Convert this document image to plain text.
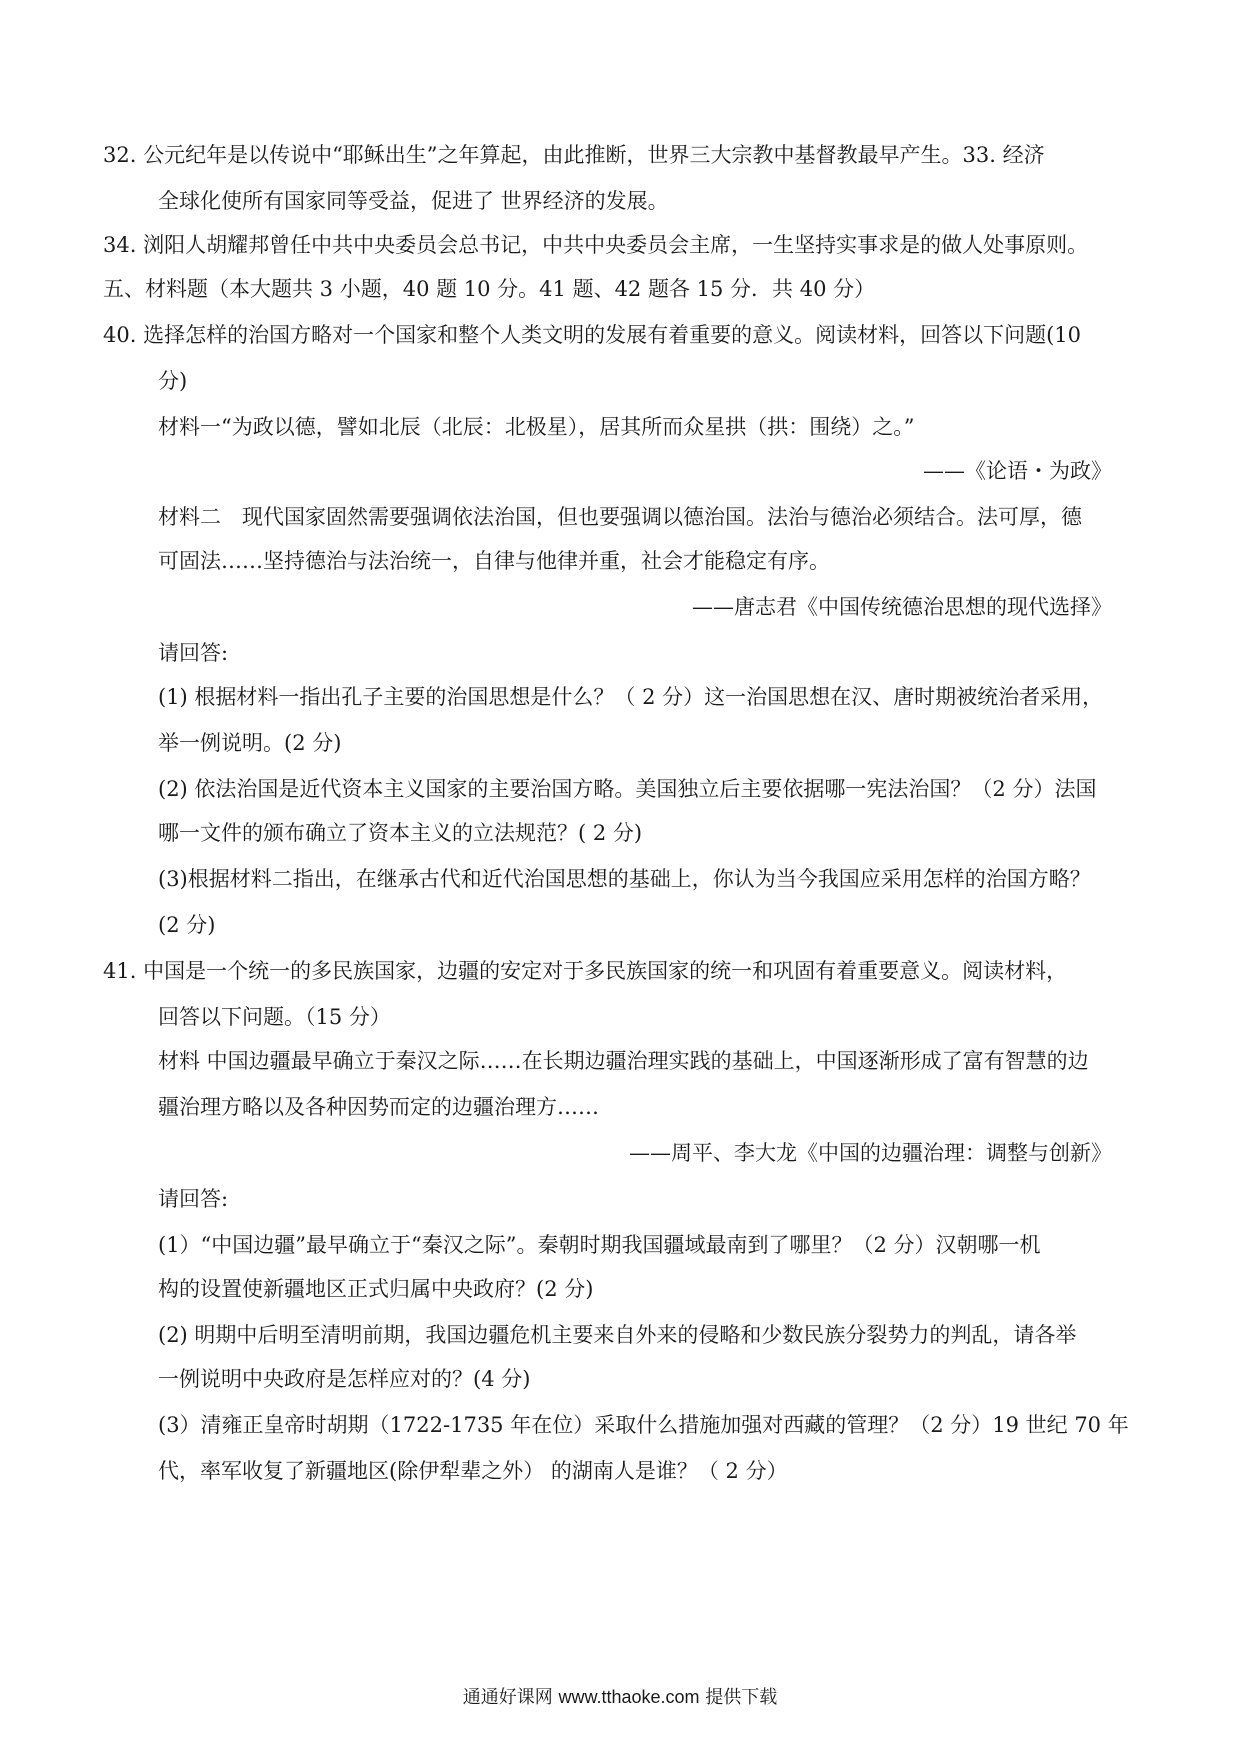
32. 公元纪年是以传说中“耶稣出生”之年算起，由此推断，世界三大宗教中基督教最早产生。33. 经济
全球化使所有国家同等受益，促进了 世界经济的发展。
34. 浏阳人胡耀邦曾任中共中央委员会总书记，中共中央委员会主席，一生坚持实事求是的做人处事原则。
五、材料题（本大题共 3 小题，40 题 10 分。41 题、42 题各 15 分．共 40 分）
40. 选择怎样的治国方略对一个国家和整个人类文明的发展有着重要的意义。阅读材料，回答以下问题(10
分)
材料一“为政以德，譬如北辰（北辰：北极星），居其所而众星拱（拱：围绕）之。”
——《论语・为政》
材料二　现代国家固然需要强调依法治国，但也要强调以德治国。法治与德治必须结合。法可厚，德
可固法……坚持德治与法治统一，自律与他律并重，社会才能稳定有序。
——唐志君《中国传统德治思想的现代选择》
请回答:
(1) 根据材料一指出孔子主要的治国思想是什么？（ 2 分）这一治国思想在汉、唐时期被统治者采用，
举一例说明。(2 分)
(2) 依法治国是近代资本主义国家的主要治国方略。美国独立后主要依据哪一宪法治国？（2 分）法国
哪一文件的颁布确立了资本主义的立法规范？( 2 分)
(3)根据材料二指出，在继承古代和近代治国思想的基础上，你认为当今我国应采用怎样的治国方略？
(2 分)
41. 中国是一个统一的多民族国家，边疆的安定对于多民族国家的统一和巩固有着重要意义。阅读材料，
回答以下问题。（15 分）
材料 中国边疆最早确立于秦汉之际……在长期边疆治理实践的基础上，中国逐渐形成了富有智慧的边
疆治理方略以及各种因势而定的边疆治理方……
——周平、李大龙《中国的边疆治理：调整与创新》
请回答:
(1）“中国边疆”最早确立于“秦汉之际”。秦朝时期我国疆域最南到了哪里？（2 分）汉朝哪一机
构的设置使新疆地区正式归属中央政府？(2 分)
(2) 明期中后明至清明前期，我国边疆危机主要来自外来的侵略和少数民族分裂势力的判乱，请各举
一例说明中央政府是怎样应对的？(4 分)
(3）清雍正皇帝时胡期（1722-1735 年在位）采取什么措施加强对西藏的管理？（2 分）19 世纪 70 年
代，率军收复了新疆地区(除伊犁辈之外） 的湖南人是谁？（ 2 分）
通通好课网 www.tthaoke.com 提供下载
